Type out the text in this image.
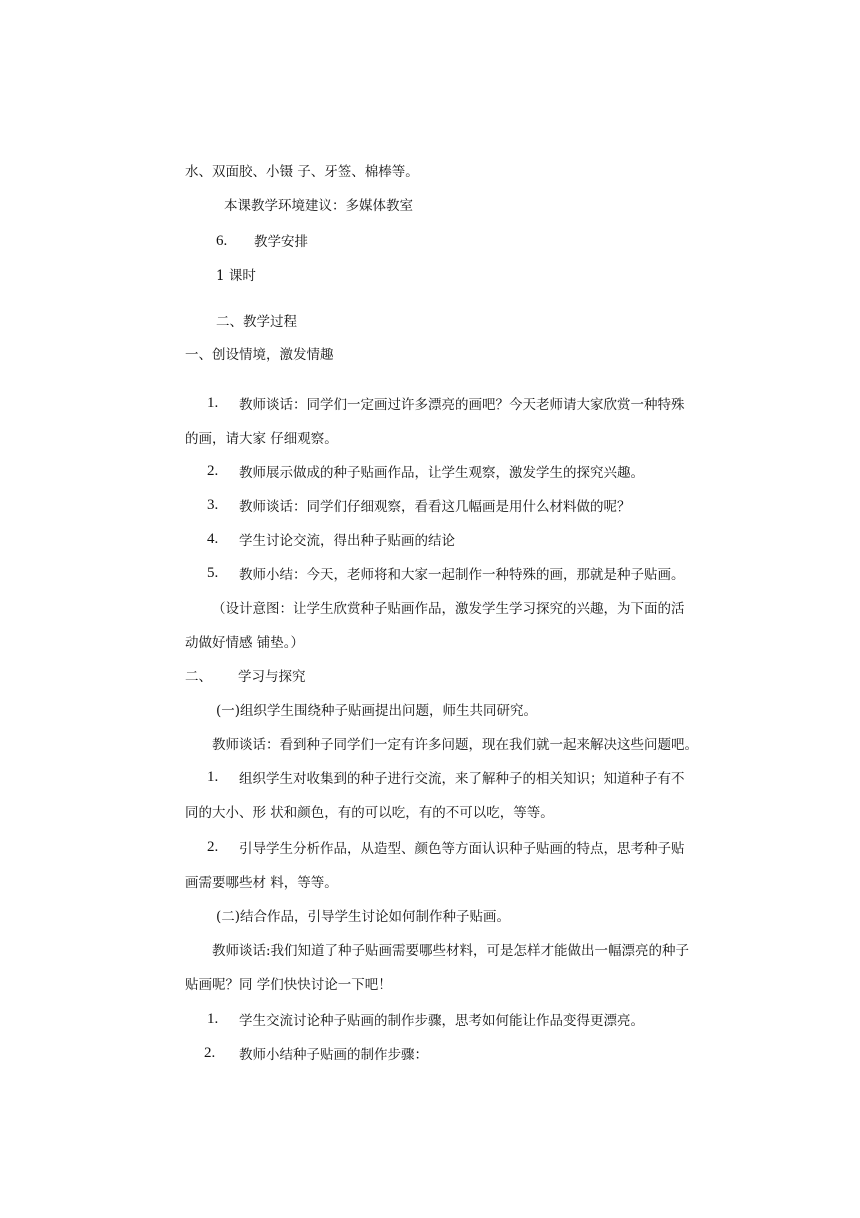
水、双面胶、小镊 子、牙签、棉棒等。
本课教学环境建议：多媒体教室
6. 教学安排
1 课时
二、教学过程
一、创设情境，激发情趣
1. 教师谈话：同学们一定画过许多漂亮的画吧？今天老师请大家欣赏一种特殊
的画，请大家 仔细观察。
2. 教师展示做成的种子贴画作品，让学生观察，激发学生的探究兴趣。
3. 教师谈话：同学们仔细观察，看看这几幅画是用什么材料做的呢？
4. 学生讨论交流，得出种子贴画的结论
5. 教师小结：今天，老师将和大家一起制作一种特殊的画，那就是种子贴画。
（设计意图：让学生欣赏种子贴画作品，激发学生学习探究的兴趣，为下面的活
动做好情感 铺垫。）
二、 学习与探究
(一)组织学生围绕种子贴画提出问题，师生共同研究。
教师谈话：看到种子同学们一定有许多问题，现在我们就一起来解决这些问题吧。
1. 组织学生对收集到的种子进行交流，来了解种子的相关知识；知道种子有不
同的大小、形 状和颜色，有的可以吃，有的不可以吃，等等。
2. 引导学生分析作品，从造型、颜色等方面认识种子贴画的特点，思考种子贴
画需要哪些材 料，等等。
(二)结合作品，引导学生讨论如何制作种子贴画。
教师谈话:我们知道了种子贴画需要哪些材料，可是怎样才能做出一幅漂亮的种子
贴画呢？同 学们快快讨论一下吧！
1. 学生交流讨论种子贴画的制作步骤，思考如何能让作品变得更漂亮。
2. 教师小结种子贴画的制作步骤：
